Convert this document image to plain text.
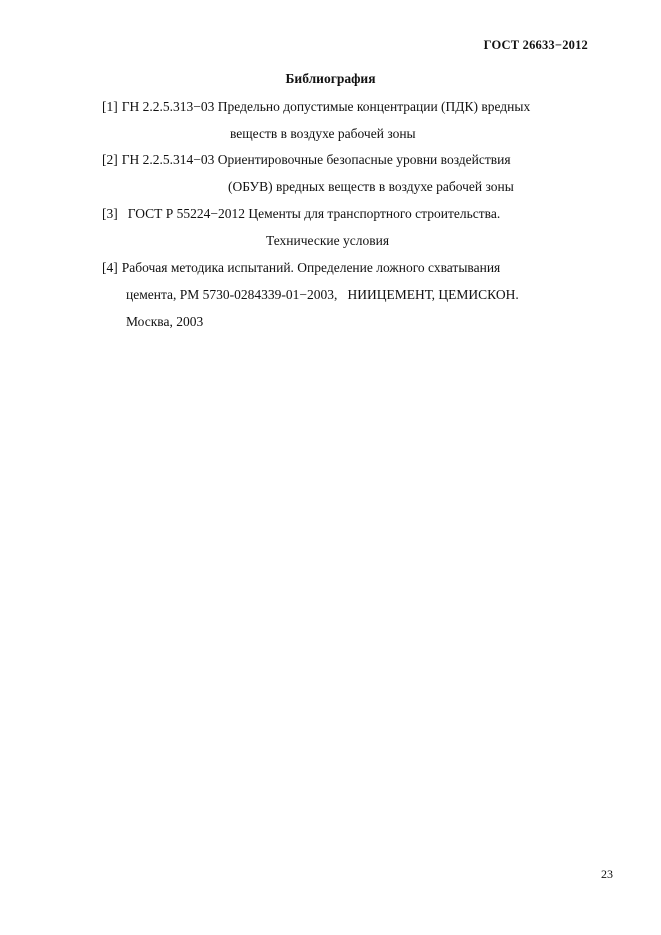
ГОСТ 26633−2012
Библиография
[1] ГН 2.2.5.313−03 Предельно допустимые концентрации (ПДК) вредных
веществ в воздухе рабочей зоны
[2] ГН 2.2.5.314−03 Ориентировочные безопасные уровни воздействия
(ОБУВ) вредных веществ в воздухе рабочей зоны
[3] ГОСТ Р 55224−2012 Цементы для транспортного строительства.
Технические условия
[4] Рабочая методика испытаний. Определение ложного схватывания
цемента, РМ 5730-0284339-01−2003,   НИИЦЕМЕНТ, ЦЕМИСКОН.
Москва, 2003
23
